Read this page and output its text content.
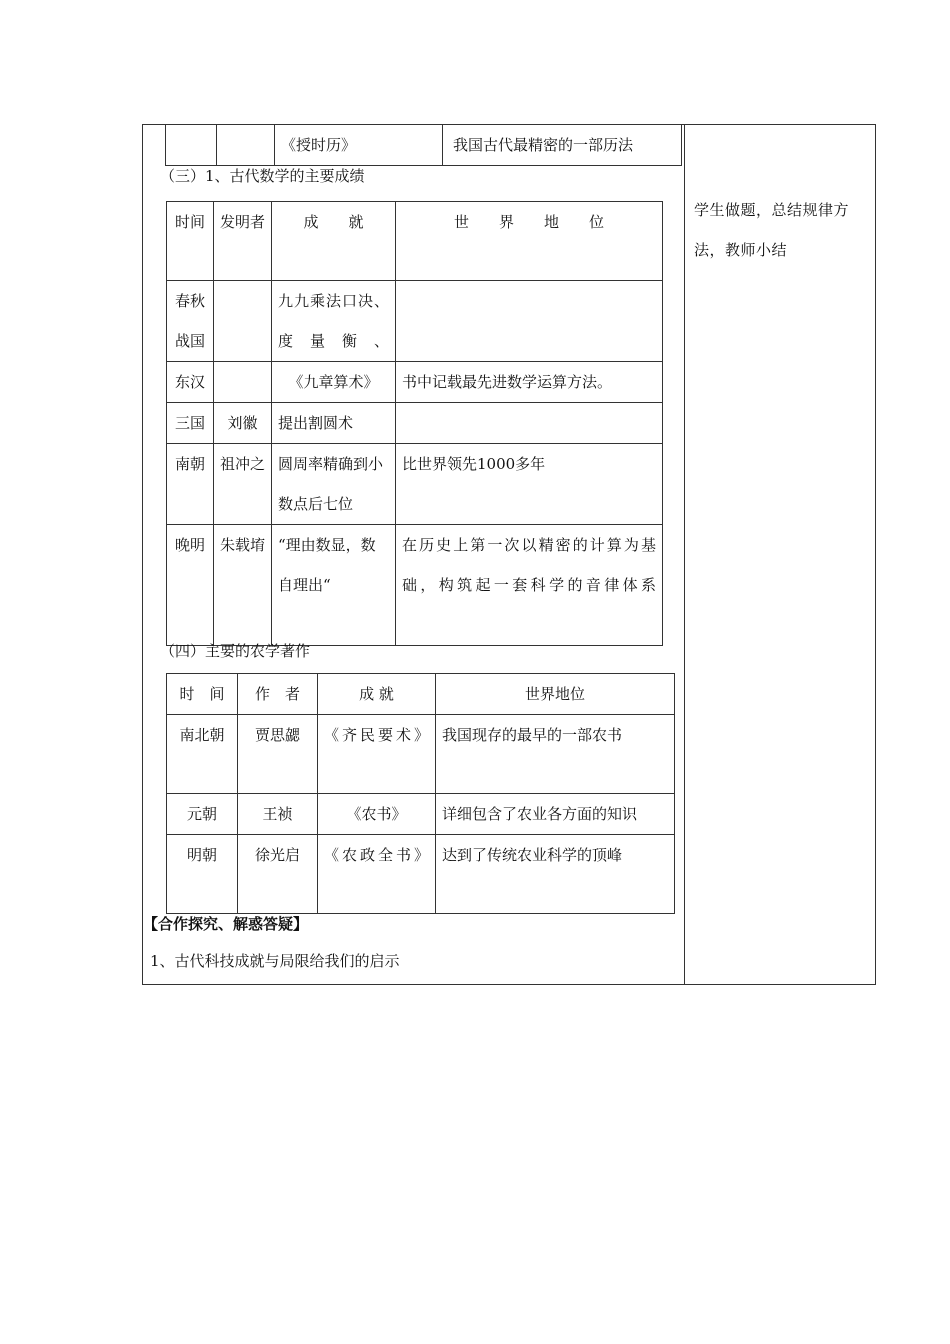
学生做题，总结规律方法，教师小结
		《授时历》	我国古代最精密的一部历法
（三）1、古代数学的主要成绩
时间	发明者	成　　就	世　　界　　地　　位
春秋战国		九九乘法口决、度量衡、	
东汉		《九章算术》	书中记载最先进数学运算方法。
三国	刘徽	提出割圆术	
南朝	祖冲之	圆周率精确到小数点后七位	比世界领先1000多年
晚明	朱载堉	“理由数显，数自理出“	在历史上第一次以精密的计算为基础，构筑起一套科学的音律体系
（四）主要的农学著作
时　间	作　者	成 就	世界地位
南北朝	贾思勰	《齐民要术》	我国现存的最早的一部农书
元朝	王祯	《农书》	详细包含了农业各方面的知识
明朝	徐光启	《农政全书》	达到了传统农业科学的顶峰
【合作探究、解惑答疑】
1、古代科技成就与局限给我们的启示
